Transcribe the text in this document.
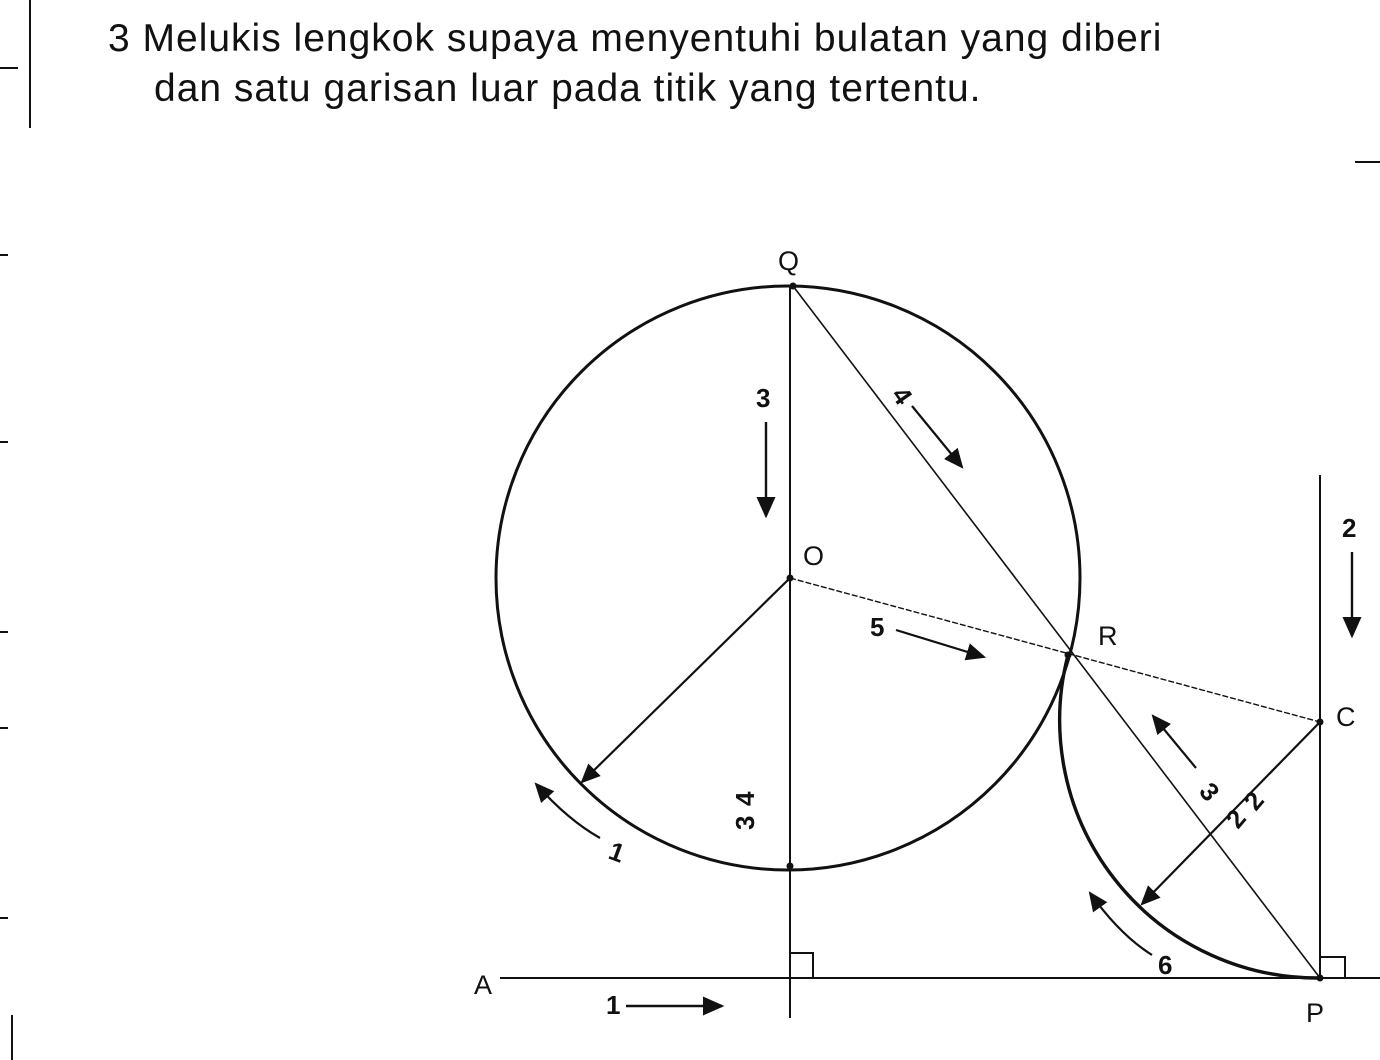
3 Melukis lengkok supaya menyentuhi bulatan yang diberi
dan satu garisan luar pada titik yang tertentu.
Q
O
R
C
A
P
3
2
4
5
3
2
2
3
4
1
6
1
